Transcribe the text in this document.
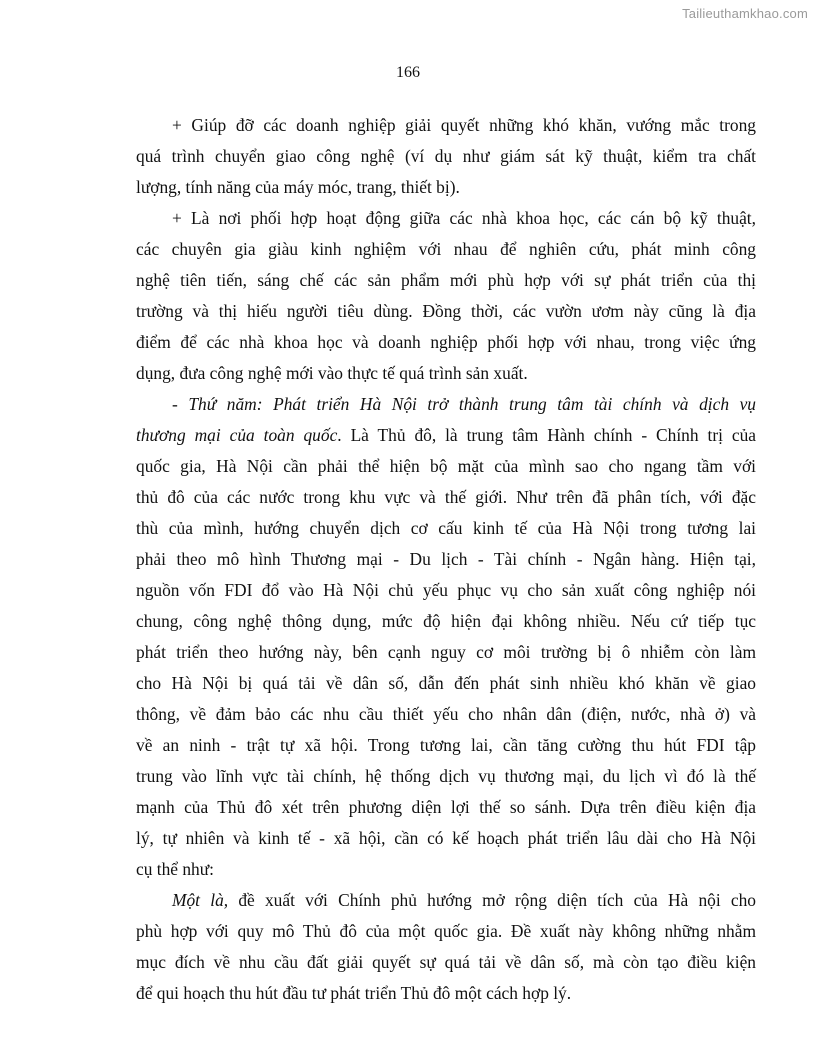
Tailieuthamkhao.com
166
+ Giúp đỡ các doanh nghiệp giải quyết những khó khăn, vướng mắc trong
quá trình chuyển giao công nghệ (ví dụ như giám sát kỹ thuật, kiểm tra chất
lượng, tính năng của máy móc, trang, thiết bị).
+ Là nơi phối hợp hoạt động giữa các nhà khoa học, các cán bộ kỹ thuật,
các chuyên gia giàu kinh nghiệm với nhau để nghiên cứu, phát minh công
nghệ tiên tiến, sáng chế các sản phẩm mới phù hợp với sự phát triển của thị
trường và thị hiếu người tiêu dùng. Đồng thời, các vườn ươm này cũng là địa
điểm để các nhà khoa học và doanh nghiệp phối hợp với nhau, trong việc ứng
dụng, đưa công nghệ mới vào thực tế quá trình sản xuất.
- Thứ năm: Phát triển Hà Nội trở thành trung tâm tài chính và dịch vụ
thương mại của toàn quốc. Là Thủ đô, là trung tâm Hành chính - Chính trị của
quốc gia, Hà Nội cần phải thể hiện bộ mặt của mình sao cho ngang tầm với
thủ đô của các nước trong khu vực và thế giới. Như trên đã phân tích, với đặc
thù của mình, hướng chuyển dịch cơ cấu kinh tế của Hà Nội trong tương lai
phải theo mô hình Thương mại - Du lịch - Tài chính - Ngân hàng. Hiện tại,
nguồn vốn FDI đổ vào Hà Nội chủ yếu phục vụ cho sản xuất công nghiệp nói
chung, công nghệ thông dụng, mức độ hiện đại không nhiều. Nếu cứ tiếp tục
phát triển theo hướng này, bên cạnh nguy cơ môi trường bị ô nhiễm còn làm
cho Hà Nội bị quá tải về dân số, dẫn đến phát sinh nhiều khó khăn về giao
thông, về đảm bảo các nhu cầu thiết yếu cho nhân dân (điện, nước, nhà ở) và
về an ninh - trật tự xã hội. Trong tương lai, cần tăng cường thu hút FDI tập
trung vào lĩnh vực tài chính, hệ thống dịch vụ thương mại, du lịch vì đó là thế
mạnh của Thủ đô xét trên phương diện lợi thế so sánh. Dựa trên điều kiện địa
lý, tự nhiên và kinh tế - xã hội, cần có kế hoạch phát triển lâu dài cho Hà Nội
cụ thể như:
Một là, đề xuất với Chính phủ hướng mở rộng diện tích của Hà nội cho
phù hợp với quy mô Thủ đô của một quốc gia. Đề xuất này không những nhằm
mục đích về nhu cầu đất giải quyết sự quá tải về dân số, mà còn tạo điều kiện
để qui hoạch thu hút đầu tư phát triển Thủ đô một cách hợp lý.
